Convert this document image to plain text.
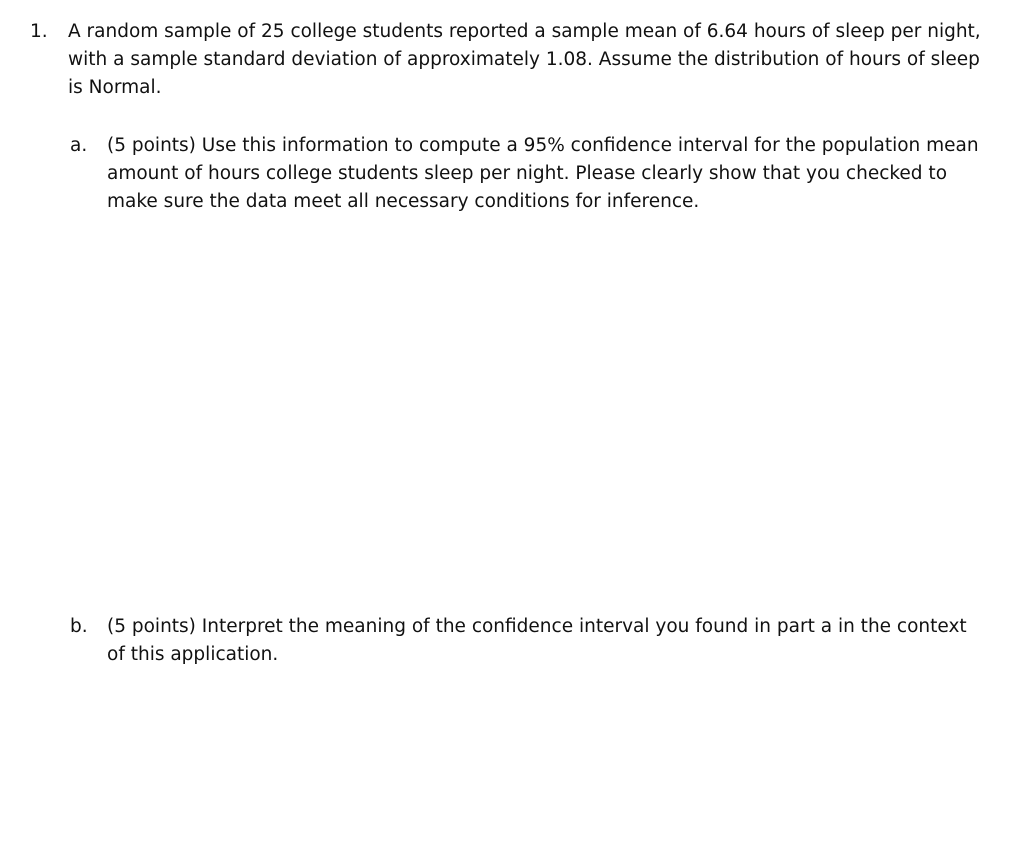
1.	A random sample of 25 college students reported a sample mean of 6.64 hours of sleep per night, with a sample standard deviation of approximately 1.08. Assume the distribution of hours of sleep is Normal.
a.	(5 points) Use this information to compute a 95% confidence interval for the population mean amount of hours college students sleep per night. Please clearly show that you checked to make sure the data meet all necessary conditions for inference.
b.	(5 points) Interpret the meaning of the confidence interval you found in part a in the context of this application.
